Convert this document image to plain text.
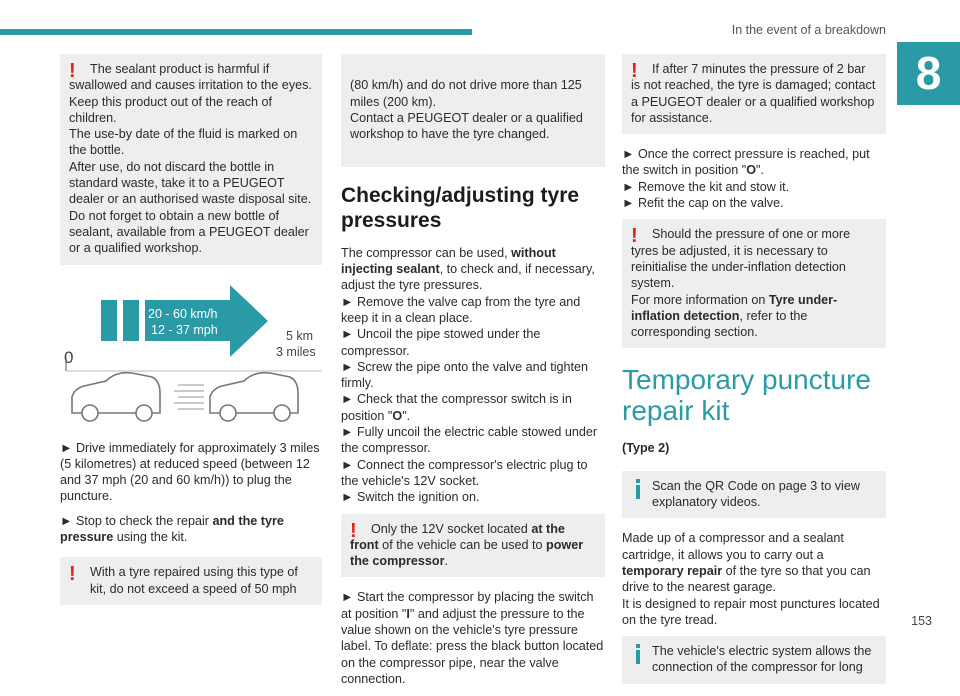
In the event of a breakdown
8
!	The sealant product is harmful if swallowed and causes irritation to the eyes.
Keep this product out of the reach of children.
The use-by date of the fluid is marked on the bottle.
After use, do not discard the bottle in standard waste, take it to a PEUGEOT dealer or an authorised waste disposal site.
Do not forget to obtain a new bottle of sealant, available from a PEUGEOT dealer or a qualified workshop.

20 - 60 km/h
12 - 37 mph	5 km
3 miles
0

► Drive immediately for approximately 3 miles (5 kilometres) at reduced speed (between 12 and 37 mph (20 and 60 km/h)) to plug the puncture.

► Stop to check the repair and the tyre pressure using the kit.

!	With a tyre repaired using this type of kit, do not exceed a speed of 50 mph

(80 km/h) and do not drive more than 125 miles (200 km).
Contact a PEUGEOT dealer or a qualified workshop to have the tyre changed.

Checking/adjusting tyre pressures

The compressor can be used, without injecting sealant, to check and, if necessary, adjust the tyre pressures.

► Remove the valve cap from the tyre and keep it in a clean place.

► Uncoil the pipe stowed under the compressor.

► Screw the pipe onto the valve and tighten firmly.

► Check that the compressor switch is in position "O".

► Fully uncoil the electric cable stowed under the compressor.

► Connect the compressor's electric plug to the vehicle's 12V socket.

► Switch the ignition on.

!	Only the 12V socket located at the front of the vehicle can be used to power the compressor.

► Start the compressor by placing the switch at position "I" and adjust the pressure to the value shown on the vehicle's tyre pressure label. To deflate: press the black button located on the compressor pipe, near the valve connection.

!	If after 7 minutes the pressure of 2 bar is not reached, the tyre is damaged; contact a PEUGEOT dealer or a qualified workshop for assistance.

► Once the correct pressure is reached, put the switch in position "O".

► Remove the kit and stow it.

► Refit the cap on the valve.

!	Should the pressure of one or more tyres be adjusted, it is necessary to reinitialise the under-inflation detection system.

For more information on Tyre under-inflation detection, refer to the corresponding section.

Temporary puncture repair kit

(Type 2)

Scan the QR Code on page 3 to view explanatory videos.

Made up of a compressor and a sealant cartridge, it allows you to carry out a temporary repair of the tyre so that you can drive to the nearest garage.
It is designed to repair most punctures located on the tyre tread.

The vehicle's electric system allows the connection of the compressor for long

153
